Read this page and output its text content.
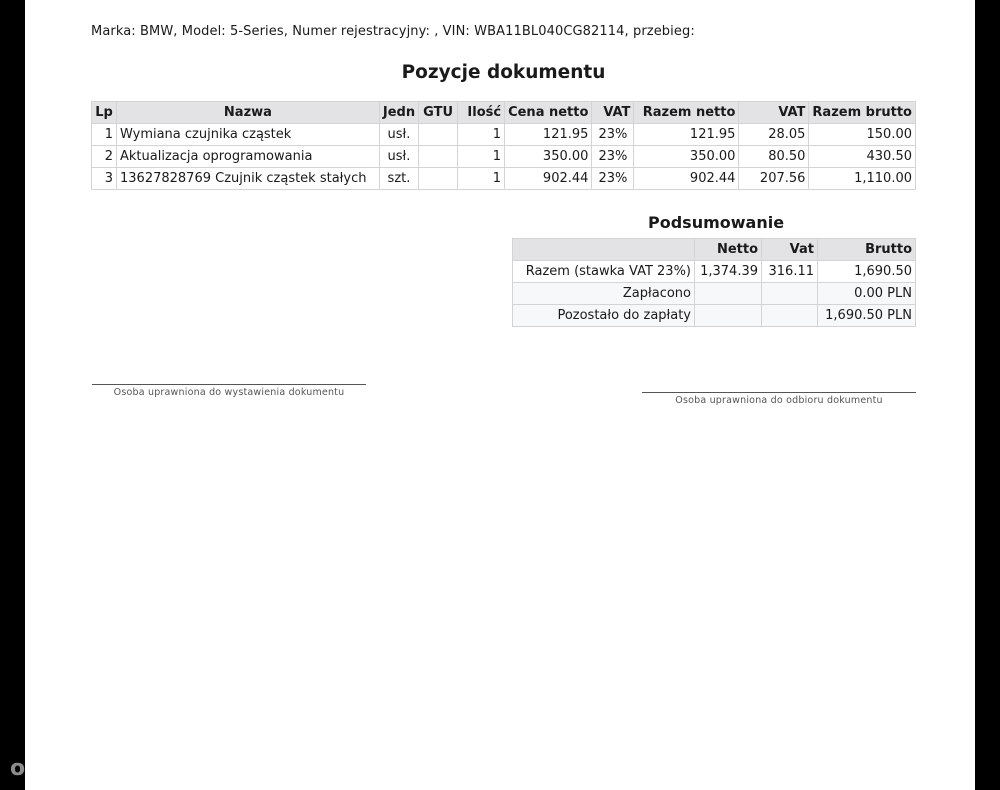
Marka: BMW, Model: 5-Series, Numer rejestracyjny: , VIN: WBA11BL040CG82114, przebieg:
Pozycje dokumentu
Lp	Nazwa	Jedn	GTU	Ilość	Cena netto	VAT	Razem netto	VAT	Razem brutto
1	Wymiana czujnika cząstek	usł.		1	121.95	23%	121.95	28.05	150.00
2	Aktualizacja oprogramowania	usł.		1	350.00	23%	350.00	80.50	430.50
3	13627828769 Czujnik cząstek stałych	szt.		1	902.44	23%	902.44	207.56	1,110.00
Podsumowanie
	Netto	Vat	Brutto
Razem (stawka VAT 23%)	1,374.39	316.11	1,690.50
Zapłacono			0.00 PLN
Pozostało do zapłaty			1,690.50 PLN
Osoba uprawniona do wystawienia dokumentu
Osoba uprawniona do odbioru dokumentu
otomoto
